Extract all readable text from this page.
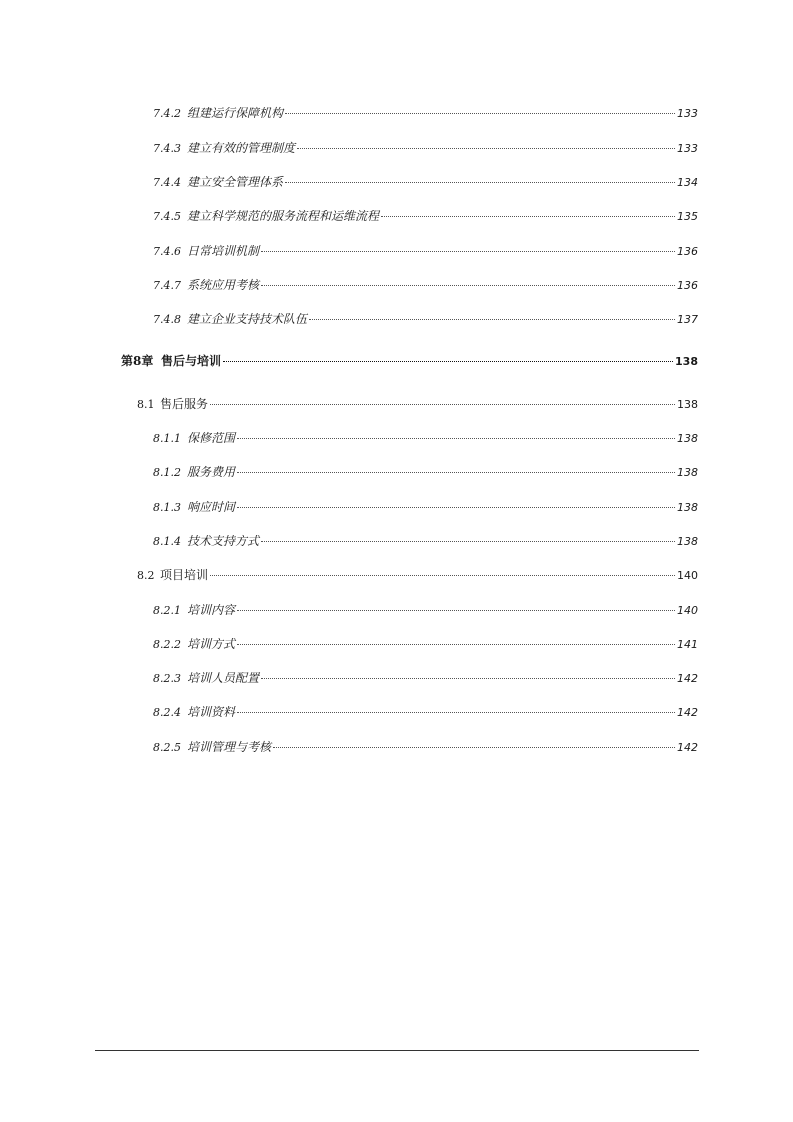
7.4.2 组建运行保障机构	133
7.4.3 建立有效的管理制度	133
7.4.4 建立安全管理体系	134
7.4.5 建立科学规范的服务流程和运维流程	135
7.4.6 日常培训机制	136
7.4.7 系统应用考核	136
7.4.8 建立企业支持技术队伍	137
第8章 售后与培训	138
8.1 售后服务	138
8.1.1 保修范围	138
8.1.2 服务费用	138
8.1.3 响应时间	138
8.1.4 技术支持方式	138
8.2 项目培训	140
8.2.1 培训内容	140
8.2.2 培训方式	141
8.2.3 培训人员配置	142
8.2.4 培训资料	142
8.2.5 培训管理与考核	142
